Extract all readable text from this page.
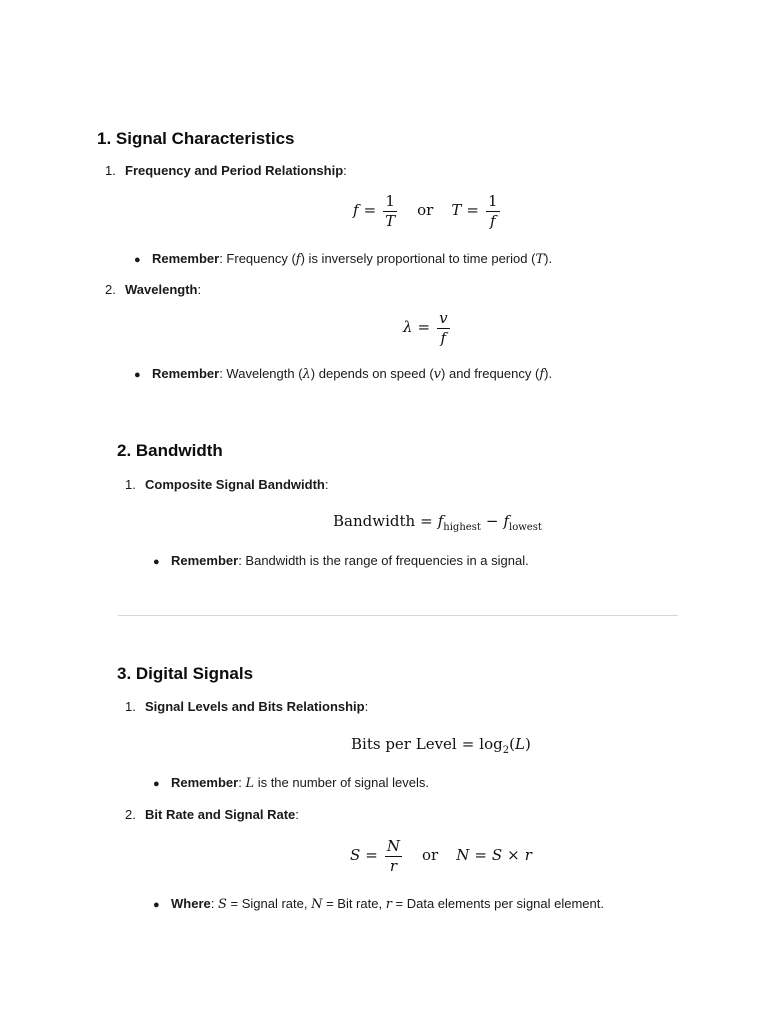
1. Signal Characteristics
1. Frequency and Period Relationship:
$f = \frac{1}{T}$ or $T = \frac{1}{f}$
● Remember: Frequency (f) is inversely proportional to time period (T).
2. Wavelength:
$\lambda = \frac{v}{f}$
● Remember: Wavelength (λ) depends on speed (v) and frequency (f).
2. Bandwidth
1. Composite Signal Bandwidth:
Bandwidth = $f_{highest} - f_{lowest}$
● Remember: Bandwidth is the range of frequencies in a signal.
3. Digital Signals
1. Signal Levels and Bits Relationship:
Bits per Level = $\log_2(L)$
● Remember: L is the number of signal levels.
2. Bit Rate and Signal Rate:
$S = \frac{N}{r}$ or N = S × r
● Where: S = Signal rate, N = Bit rate, r = Data elements per signal element.
